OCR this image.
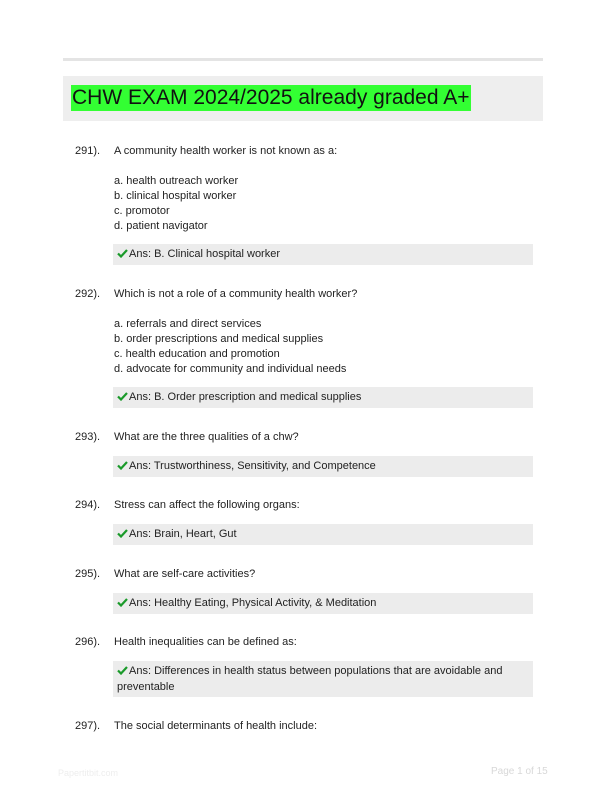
CHW EXAM 2024/2025 already graded A+
291). A community health worker is not known as a:
a. health outreach worker
b. clinical hospital worker
c. promotor
d. patient navigator
Ans: B. Clinical hospital worker
292). Which is not a role of a community health worker?
a. referrals and direct services
b. order prescriptions and medical supplies
c. health education and promotion
d. advocate for community and individual needs
Ans: B. Order prescription and medical supplies
293). What are the three qualities of a chw?
Ans: Trustworthiness, Sensitivity, and Competence
294). Stress can affect the following organs:
Ans: Brain, Heart, Gut
295). What are self-care activities?
Ans: Healthy Eating, Physical Activity, & Meditation
296). Health inequalities can be defined as:
Ans: Differences in health status between populations that are avoidable and preventable
297). The social determinants of health include:
Papertitbit.com	Page 1 of 15
